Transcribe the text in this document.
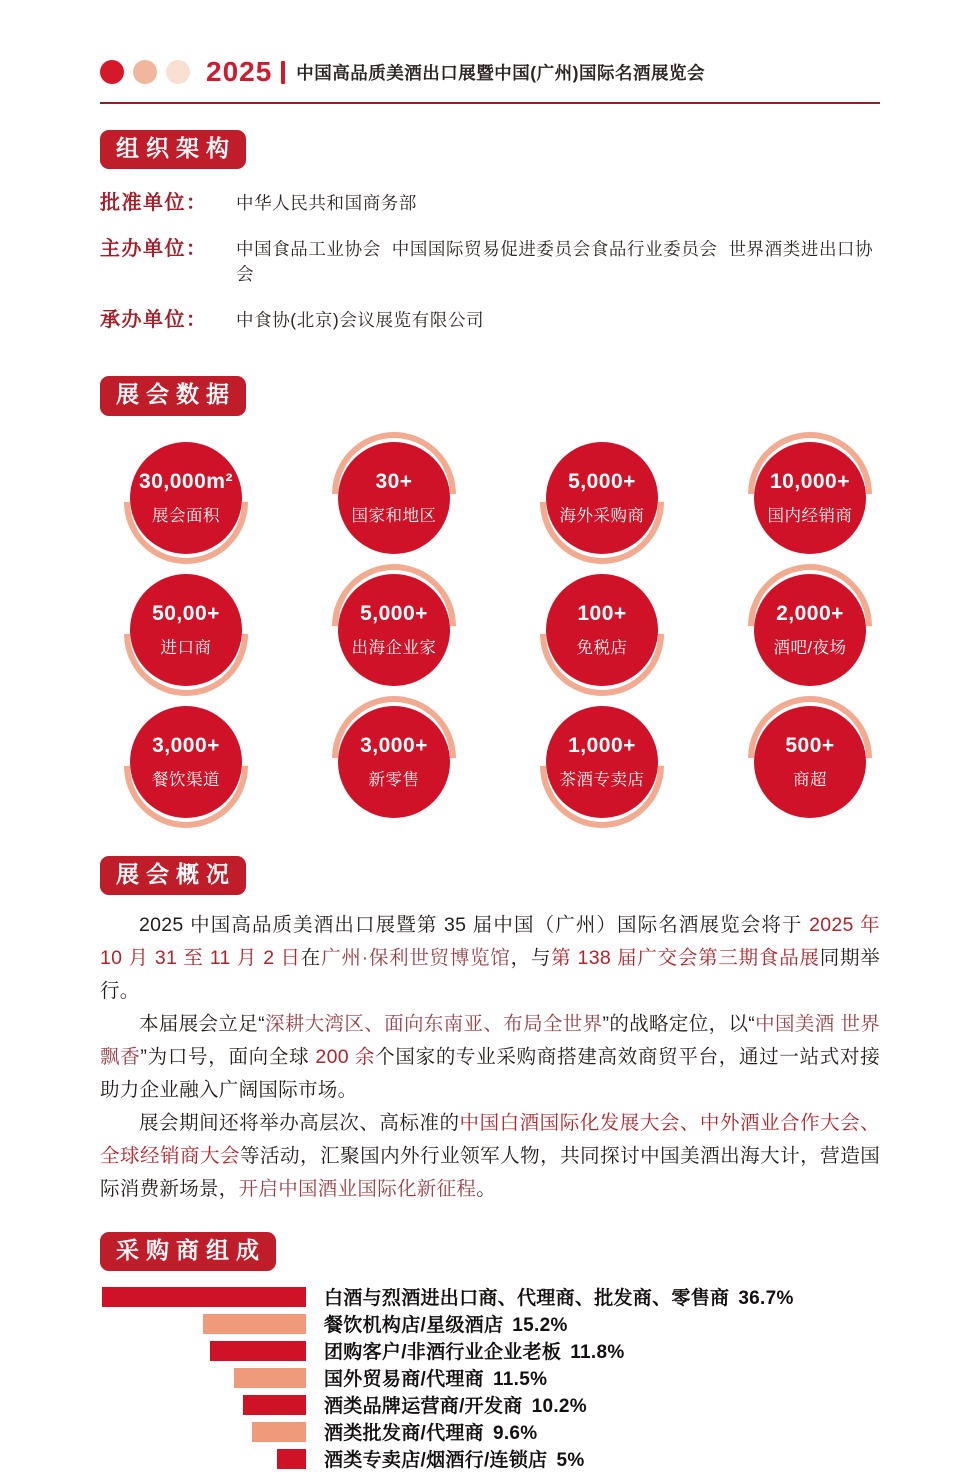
2025 中国高品质美酒出口展暨中国(广州)国际名酒展览会
组织架构
批准单位：	中华人民共和国商务部
主办单位：	中国食品工业协会  中国国际贸易促进委员会食品行业委员会  世界酒类进出口协会
承办单位：	中食协(北京)会议展览有限公司
展会数据
30,000m²
展会面积
30+
国家和地区
5,000+
海外采购商
10,000+
国内经销商
50,00+
进口商
5,000+
出海企业家
100+
免税店
2,000+
酒吧/夜场
3,000+
餐饮渠道
3,000+
新零售
1,000+
茶酒专卖店
500+
商超
展会概况

2025 中国高品质美酒出口展暨第 35 届中国（广州）国际名酒展览会将于 2025 年 10 月 31 至 11 月 2 日在广州·保利世贸博览馆，与第 138 届广交会第三期食品展同期举行。

本届展会立足“深耕大湾区、面向东南亚、布局全世界”的战略定位，以“中国美酒 世界飘香”为口号，面向全球 200 余个国家的专业采购商搭建高效商贸平台，通过一站式对接助力企业融入广阔国际市场。

展会期间还将举办高层次、高标准的中国白酒国际化发展大会、中外酒业合作大会、全球经销商大会等活动，汇聚国内外行业领军人物，共同探讨中国美酒出海大计，营造国际消费新场景，开启中国酒业国际化新征程。

采购商组成
白酒与烈酒进出口商、代理商、批发商、零售商 36.7%
餐饮机构店/星级酒店 15.2%
团购客户/非酒行业企业老板 11.8%
国外贸易商/代理商 11.5%
酒类品牌运营商/开发商 10.2%
酒类批发商/代理商 9.6%
酒类专卖店/烟酒行/连锁店 5%
